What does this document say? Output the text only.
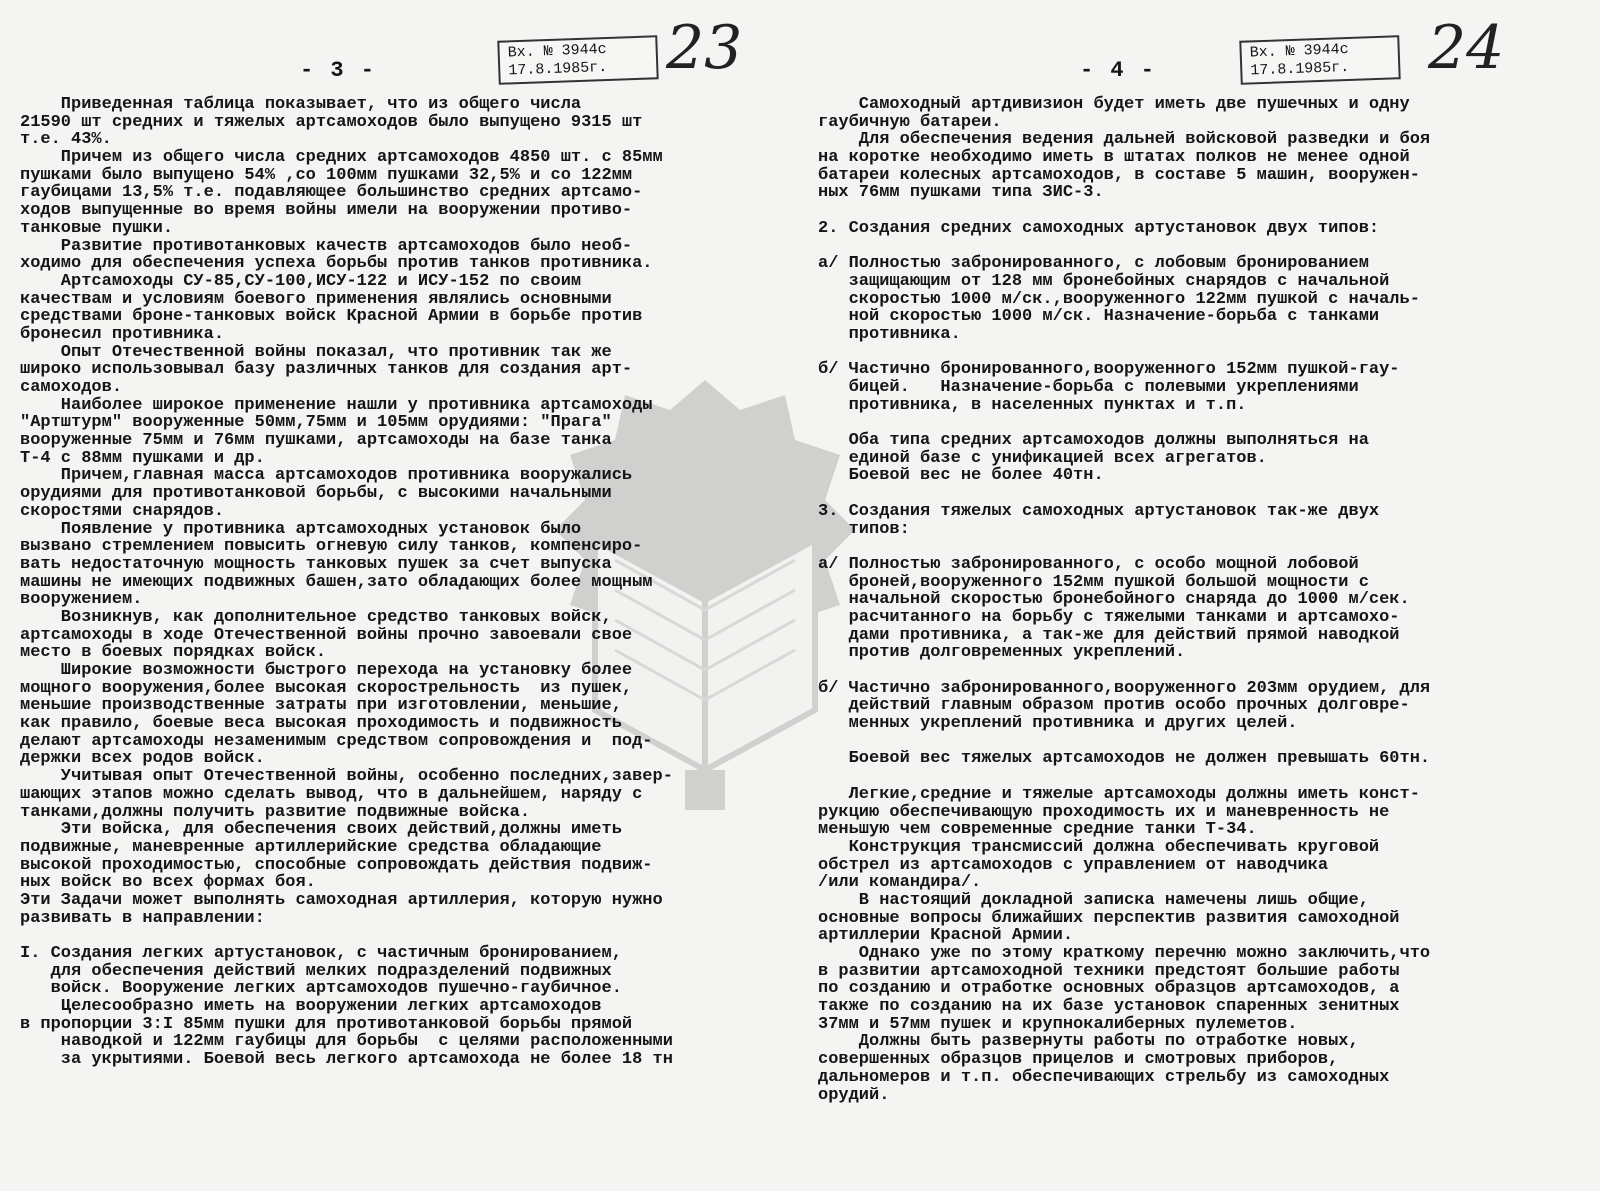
- 3 -
Вх. № 3944с
17.8.1985г. 23
Приведенная таблица показывает, что из общего числа
21590 шт средних и тяжелых артсамоходов было выпущено 9315 шт
т.е. 43%.
Причем из общего числа средних артсамоходов 4850 шт. с 85мм
пушками было выпущено 54% ,со 100мм пушками 32,5% и со 122мм
гаубицами 13,5% т.е. подавляющее большинство средних артсамо-
ходов выпущенные во время войны имели на вооружении противо-
танковые пушки.
Развитие противотанковых качеств артсамоходов было необ-
ходимо для обеспечения успеха борьбы против танков противника.
Артсамоходы СУ-85,СУ-100,ИСУ-122 и ИСУ-152 по своим
качествам и условиям боевого применения являлись основными
средствами броне-танковых войск Красной Армии в борьбе против
бронесил противника.
Опыт Отечественной войны показал, что противник так же
широко использовывал базу различных танков для создания арт-
самоходов.
Наиболее широкое применение нашли у противника артсамоходы
"Артштурм" вооруженные 50мм,75мм и 105мм орудиями: "Прага"
вооруженные 75мм и 76мм пушками, артсамоходы на базе танка
Т-4 с 88мм пушками и др.
Причем,главная масса артсамоходов противника вооружались
орудиями для противотанковой борьбы, с высокими начальными
скоростями снарядов.
Появление у противника артсамоходных установок было
вызвано стремлением повысить огневую силу танков, компенсиро-
вать недостаточную мощность танковых пушек за счет выпуска
машины не имеющих подвижных башен,зато обладающих более мощным
вооружением.
Возникнув, как дополнительное средство танковых войск,
артсамоходы в ходе Отечественной войны прочно завоевали свое
место в боевых порядках войск.
Широкие возможности быстрого перехода на установку более
мощного вооружения,более высокая скорострельность  из пушек,
меньшие производственные затраты при изготовлении, меньшие,
как правило, боевые веса высокая проходимость и подвижность
делают артсамоходы незаменимым средством сопровождения и  под-
держки всех родов войск.
Учитывая опыт Отечественной войны, особенно последних,завер-
шающих этапов можно сделать вывод, что в дальнейшем, наряду с
танками,должны получить развитие подвижные войска.
Эти войска, для обеспечения своих действий,должны иметь
подвижные, маневренные артиллерийские средства обладающие
высокой проходимостью, способные сопровождать действия подвиж-
ных войск во всех формах боя.
Эти Задачи может выполнять самоходная артиллерия, которую нужно
развивать в направлении:
I. Создания легких артустановок, с частичным бронированием,
для обеспечения действий мелких подразделений подвижных
войск. Вооружение легких артсамоходов пушечно-гаубичное.
Целесообразно иметь на вооружении легких артсамоходов
в пропорции 3:I 85мм пушки для противотанковой борьбы прямой
наводкой и 122мм гаубицы для борьбы  с целями расположенными
за укрытиями. Боевой весь легкого артсамохода не более 18 тн
- 4 -
Вх. № 3944с
17.8.1985г.	24
Самоходный артдивизион будет иметь две пушечных и одну
гаубичную батареи.
Для обеспечения ведения дальней войсковой разведки и боя
на коротке необходимо иметь в штатах полков не менее одной
батареи колесных артсамоходов, в составе 5 машин, вооружен-
ных 76мм пушками типа ЗИС-3.
2. Создания средних самоходных артустановок двух типов:
а/ Полностью забронированного, с лобовым бронированием
защищающим от 128 мм бронебойных снарядов с начальной
скоростью 1000 м/ск.,вооруженного 122мм пушкой с началь-
ной скоростью 1000 м/ск. Назначение-борьба с танками
противника.
б/ Частично бронированного,вооруженного 152мм пушкой-гау-
бицей.   Назначение-борьба с полевыми укреплениями
противника, в населенных пунктах и т.п.
Оба типа средних артсамоходов должны выполняться на
единой базе с унификацией всех агрегатов.
Боевой вес не более 40тн.
3. Создания тяжелых самоходных артустановок так-же двух
типов:
а/ Полностью забронированного, с особо мощной лобовой
броней,вооруженного 152мм пушкой большой мощности с
начальной скоростью бронебойного снаряда до 1000 м/сек.
расчитанного на борьбу с тяжелыми танками и артсамохо-
дами противника, а так-же для действий прямой наводкой
против долговременных укреплений.
б/ Частично забронированного,вооруженного 203мм орудием, для
действий главным образом против особо прочных долговре-
менных укреплений противника и других целей.
Боевой вес тяжелых артсамоходов не должен превышать 60тн.
Легкие,средние и тяжелые артсамоходы должны иметь конст-
рукцию обеспечивающую проходимость их и маневренность не
меньшую чем современные средние танки Т-34.
Конструкция трансмиссий должна обеспечивать круговой
обстрел из артсамоходов с управлением от наводчика
/или командира/.
В настоящий докладной записка намечены лишь общие,
основные вопросы ближайших перспектив развития самоходной
артиллерии Красной Армии.
Однако уже по этому краткому перечню можно заключить,что
в развитии артсамоходной техники предстоят большие работы
по созданию и отработке основных образцов артсамоходов, а
также по созданию на их базе установок спаренных зенитных
37мм и 57мм пушек и крупнокалиберных пулеметов.
Должны быть развернуты работы по отработке новых,
совершенных образцов прицелов и смотровых приборов,
дальномеров и т.п. обеспечивающих стрельбу из самоходных
орудий.
